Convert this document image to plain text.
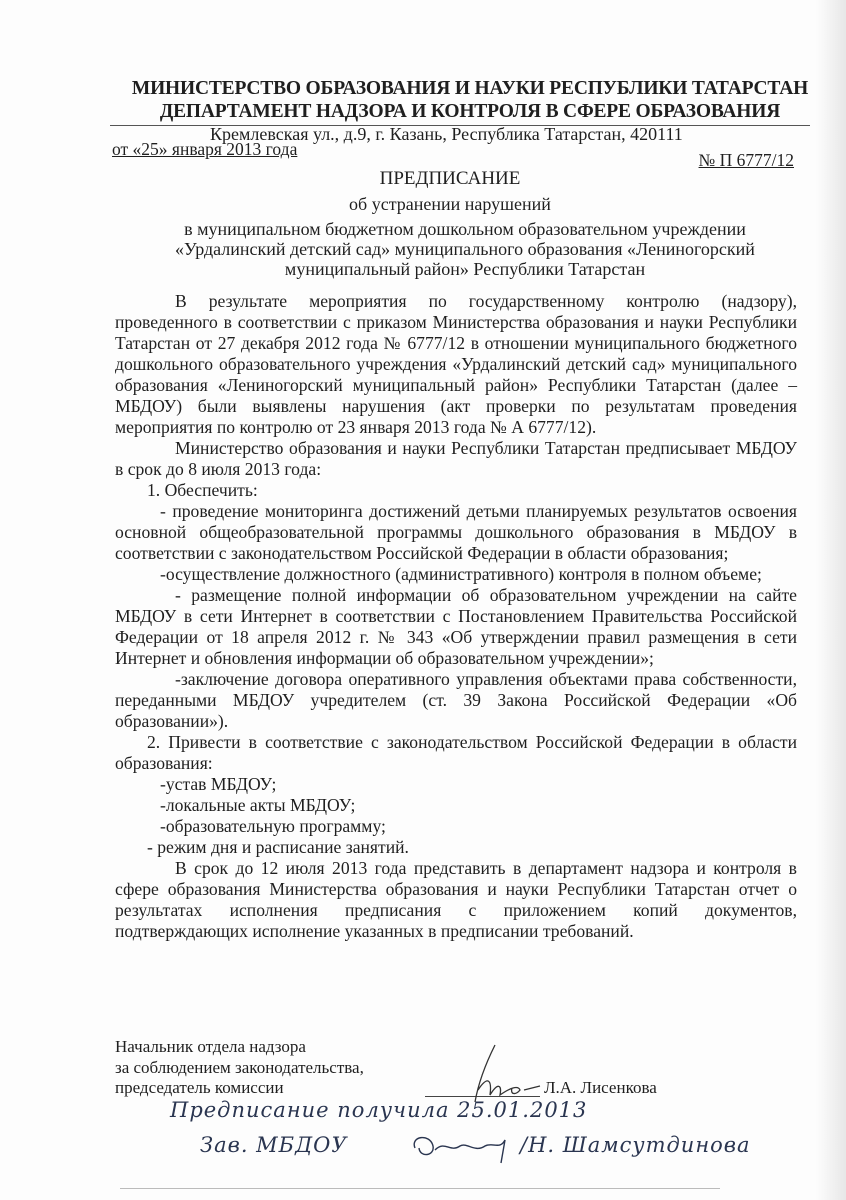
МИНИСТЕРСТВО ОБРАЗОВАНИЯ И НАУКИ РЕСПУБЛИКИ ТАТАРСТАН
ДЕПАРТАМЕНТ НАДЗОРА И КОНТРОЛЯ В СФЕРЕ ОБРАЗОВАНИЯ
Кремлевская ул., д.9, г. Казань, Республика Татарстан, 420111
от «25» января 2013 года
№ П 6777/12
ПРЕДПИСАНИЕ
об устранении нарушений
в муниципальном бюджетном дошкольном образовательном учреждении
«Урдалинский детский сад» муниципального образования «Лениногорский
муниципальный район» Республики Татарстан

В результате мероприятия по государственному контролю (надзору), проведенного в соответствии с приказом Министерства образования и науки Республики Татарстан от 27 декабря 2012 года № 6777/12 в отношении муниципального бюджетного дошкольного образовательного учреждения «Урдалинский детский сад» муниципального образования «Лениногорский муниципальный район» Республики Татарстан (далее – МБДОУ) были выявлены нарушения (акт проверки по результатам проведения мероприятия по контролю от 23 января 2013 года № А 6777/12).

Министерство образования и науки Республики Татарстан предписывает МБДОУ в срок до 8 июля 2013 года:

1. Обеспечить:

- проведение мониторинга достижений детьми планируемых результатов освоения основной общеобразовательной программы дошкольного образования в МБДОУ в соответствии с законодательством Российской Федерации в области образования;

-осуществление должностного (административного) контроля в полном объеме;

- размещение полной информации об образовательном учреждении на сайте МБДОУ в сети Интернет в соответствии с Постановлением Правительства Российской Федерации от 18 апреля 2012 г. № 343 «Об утверждении правил размещения в сети Интернет и обновления информации об образовательном учреждении»;

-заключение договора оперативного управления объектами права собственности, переданными МБДОУ учредителем (ст. 39 Закона Российской Федерации «Об образовании»).

2. Привести в соответствие с законодательством Российской Федерации в области образования:

-устав МБДОУ;

-локальные акты МБДОУ;

-образовательную программу;

- режим дня и расписание занятий.

В срок до 12 июля 2013 года представить в департамент надзора и контроля в сфере образования Министерства образования и науки Республики Татарстан отчет о результатах исполнения предписания с приложением копий документов, подтверждающих исполнение указанных в предписании требований.

Начальник отдела надзора
за соблюдением законодательства,
председатель комиссии	Л.А. Лисенкова
Предписание получила 25.01.2013
Зав. МБДОУ	/Н. Шамсутдинова
